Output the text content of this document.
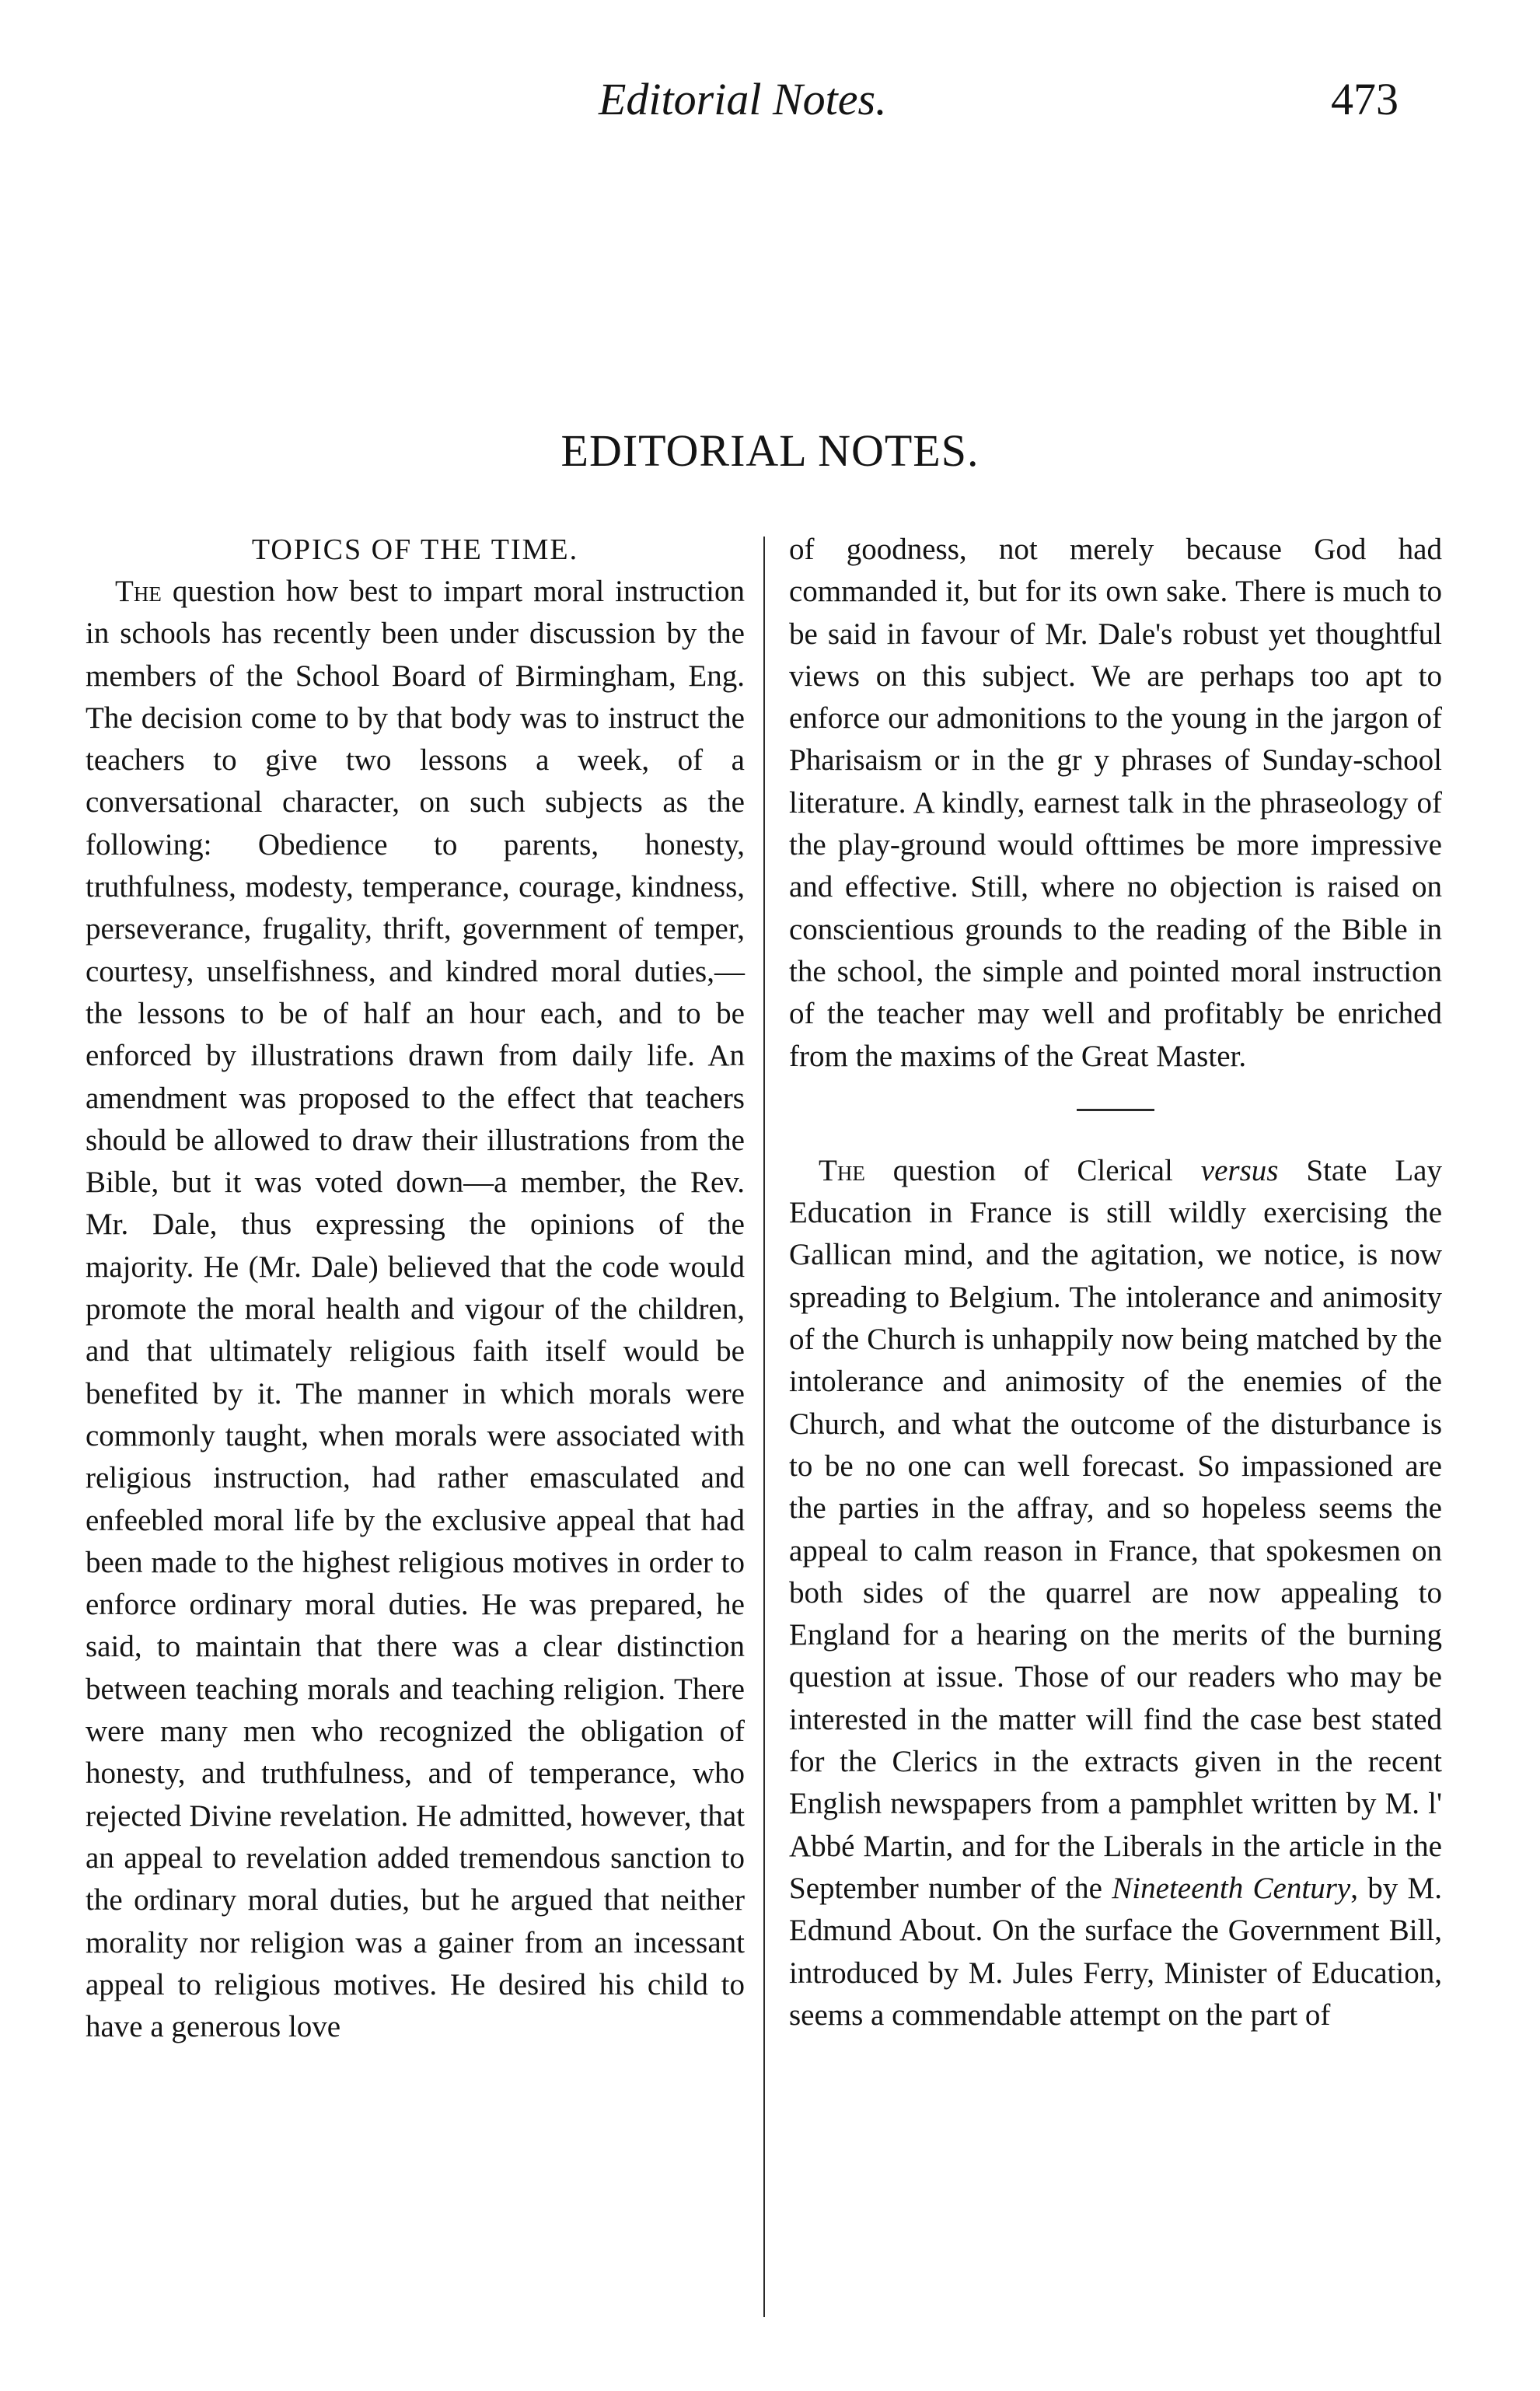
Editorial Notes.	473
EDITORIAL NOTES.

TOPICS OF THE TIME.

The question how best to impart moral instruction in schools has recently been under discussion by the members of the School Board of Birmingham, Eng. The decision come to by that body was to instruct the teachers to give two lessons a week, of a conversational character, on such subjects as the following: Obedience to parents, honesty, truthfulness, modesty, temperance, courage, kindness, perseverance, frugality, thrift, government of temper, courtesy, unselfishness, and kindred moral duties,—the lessons to be of half an hour each, and to be enforced by illustrations drawn from daily life. An amendment was proposed to the effect that teachers should be allowed to draw their illustrations from the Bible, but it was voted down—a member, the Rev. Mr. Dale, thus expressing the opinions of the majority. He (Mr. Dale) believed that the code would promote the moral health and vigour of the children, and that ultimately religious faith itself would be benefited by it. The manner in which morals were commonly taught, when morals were associated with religious instruction, had rather emasculated and enfeebled moral life by the exclusive appeal that had been made to the highest religious motives in order to enforce ordinary moral duties. He was prepared, he said, to maintain that there was a clear distinction between teaching morals and teaching religion. There were many men who recognized the obligation of honesty, and truthfulness, and of temperance, who rejected Divine revelation. He admitted, however, that an appeal to revelation added tremendous sanction to the ordinary moral duties, but he argued that neither morality nor religion was a gainer from an incessant appeal to religious motives. He desired his child to have a generous love

of goodness, not merely because God had commanded it, but for its own sake. There is much to be said in favour of Mr. Dale's robust yet thoughtful views on this subject. We are perhaps too apt to enforce our admonitions to the young in the jargon of Pharisaism or in the gr y phrases of Sunday-school literature. A kindly, earnest talk in the phraseology of the play-ground would ofttimes be more impressive and effective. Still, where no objection is raised on conscientious grounds to the reading of the Bible in the school, the simple and pointed moral instruction of the teacher may well and profitably be enriched from the maxims of the Great Master.

The question of Clerical versus State Lay Education in France is still wildly exercising the Gallican mind, and the agitation, we notice, is now spreading to Belgium. The intolerance and animosity of the Church is unhappily now being matched by the intolerance and animosity of the enemies of the Church, and what the outcome of the disturbance is to be no one can well forecast. So impassioned are the parties in the affray, and so hopeless seems the appeal to calm reason in France, that spokesmen on both sides of the quarrel are now appealing to England for a hearing on the merits of the burning question at issue. Those of our readers who may be interested in the matter will find the case best stated for the Clerics in the extracts given in the recent English newspapers from a pamphlet written by M. l' Abbé Martin, and for the Liberals in the article in the September number of the Nineteenth Century, by M. Edmund About. On the surface the Government Bill, introduced by M. Jules Ferry, Minister of Education, seems a commendable attempt on the part of
